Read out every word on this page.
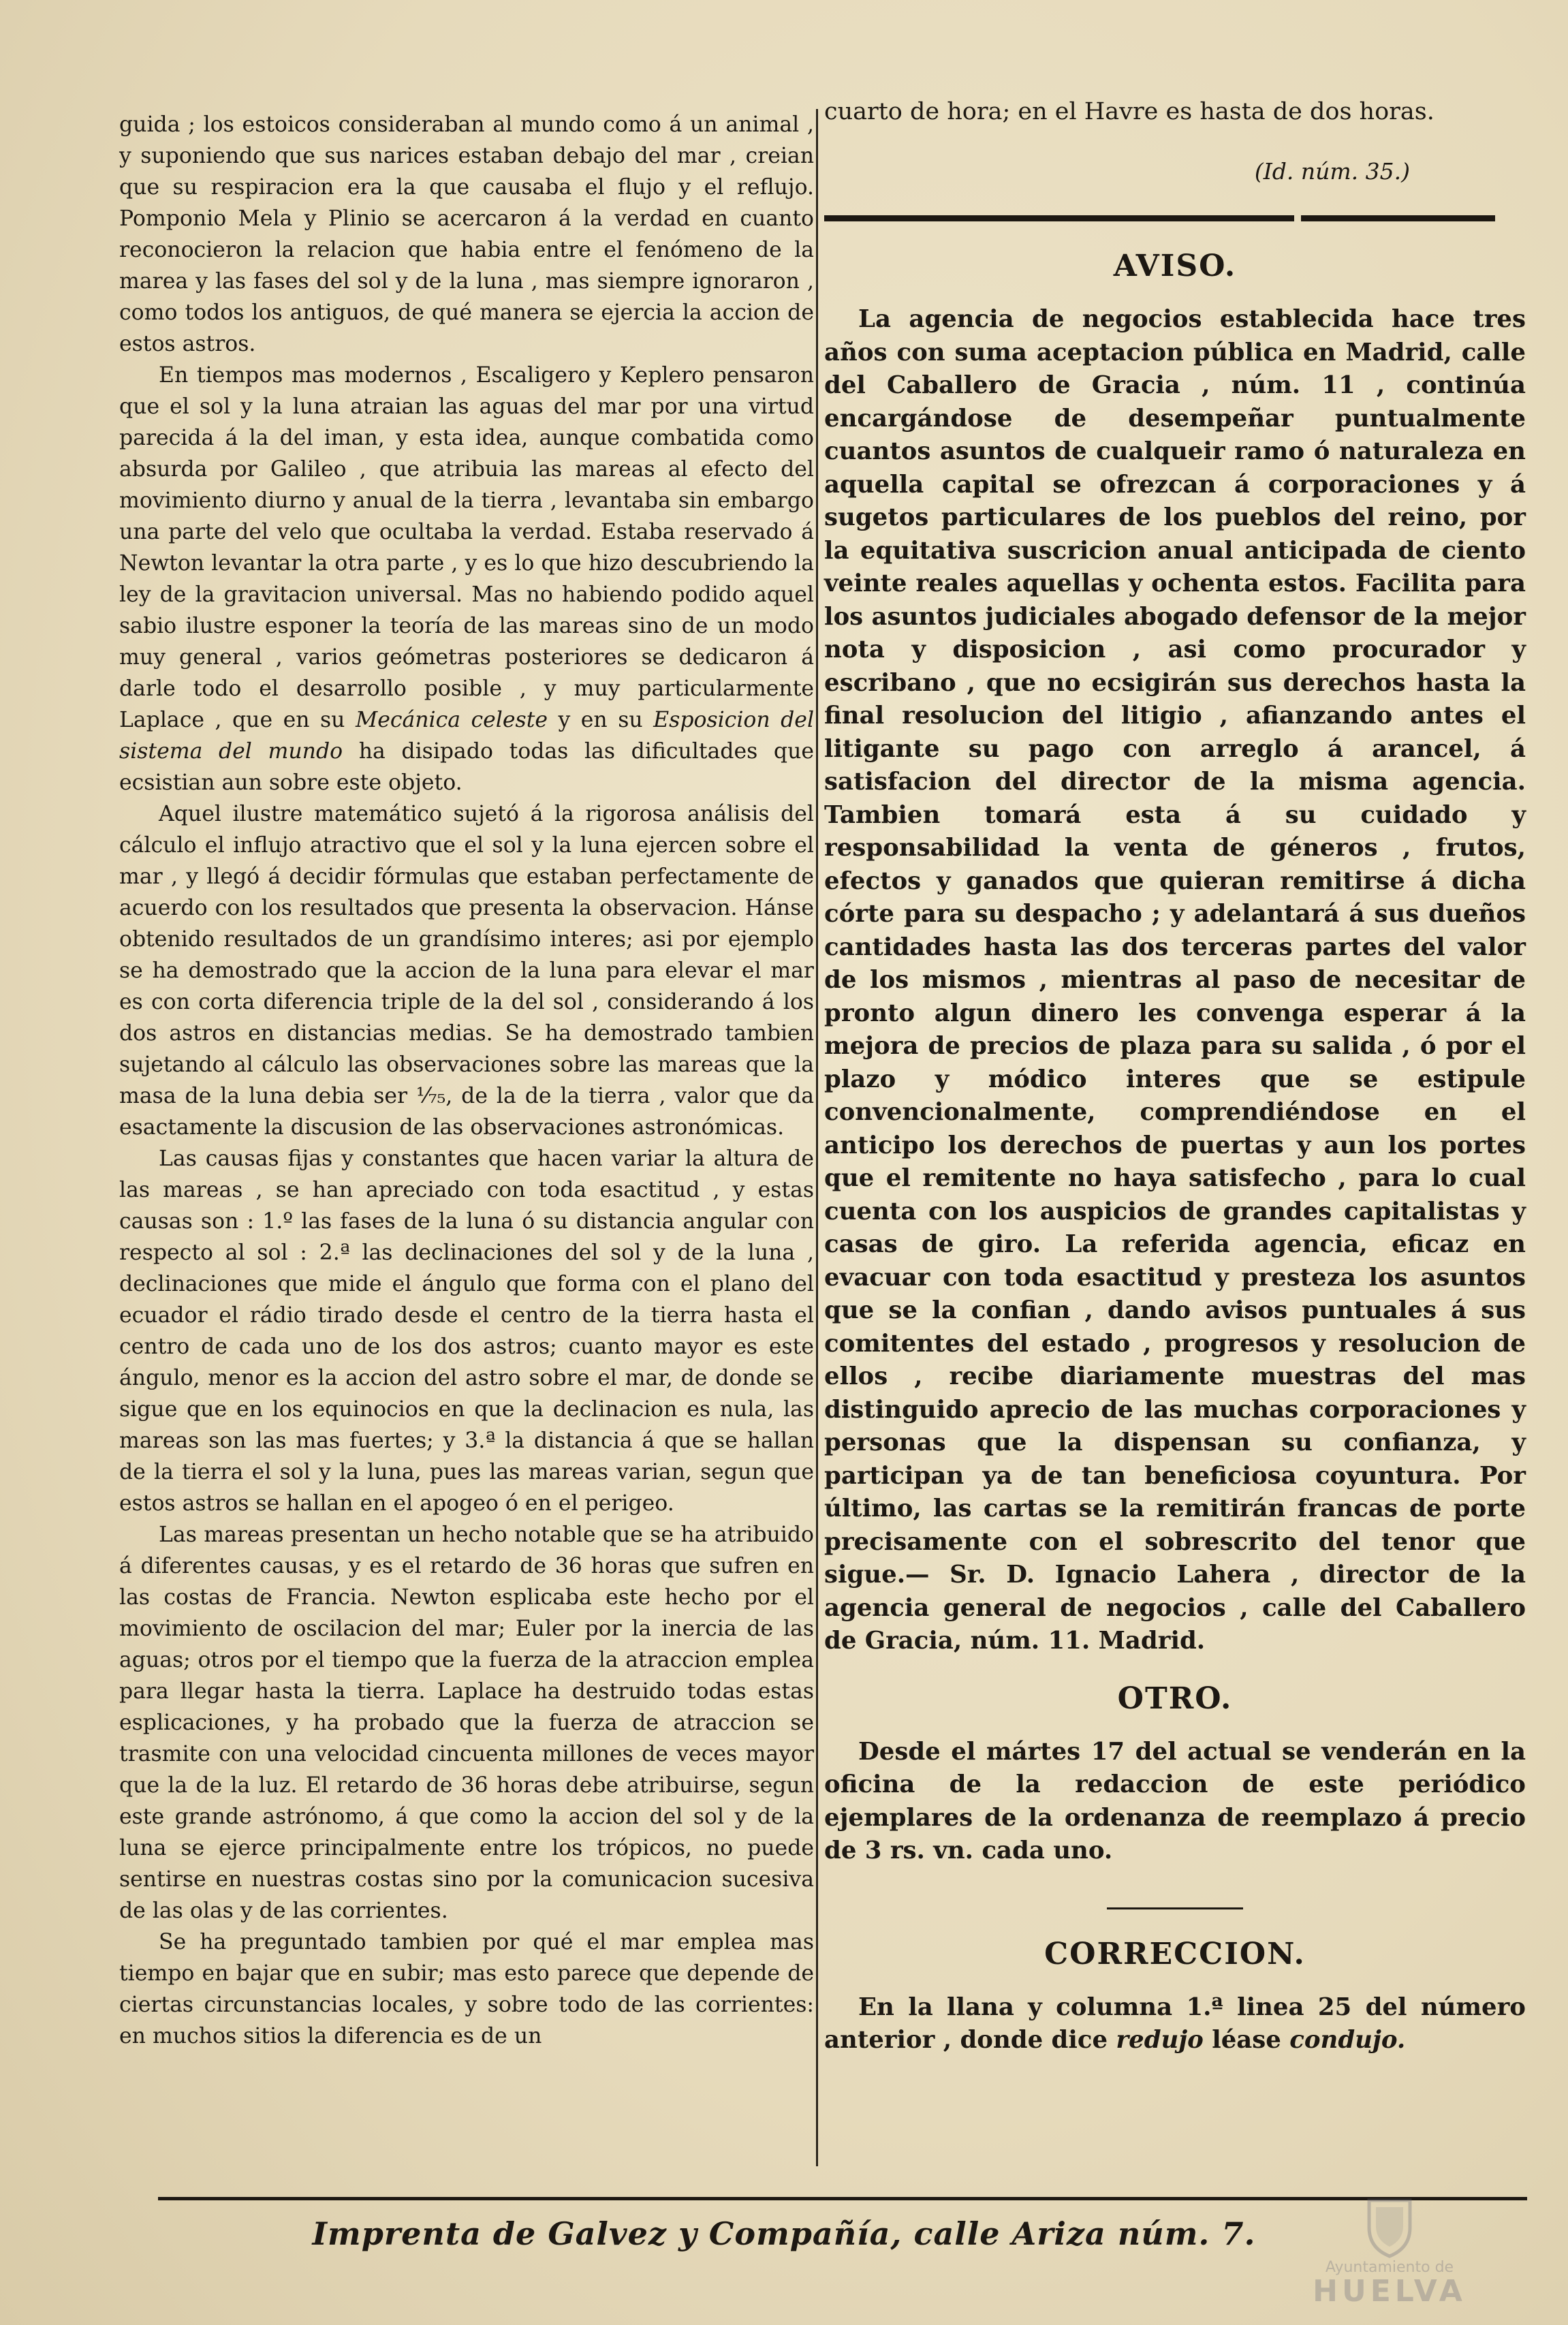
guida ; los estoicos consideraban al mundo como á un animal , y suponiendo que sus narices estaban debajo del mar , creian que su respiracion era la que causaba el flujo y el reflujo. Pomponio Mela y Plinio se acercaron á la verdad en cuanto reconocieron la relacion que habia entre el fenómeno de la marea y las fases del sol y de la luna , mas siempre ignoraron , como todos los antiguos, de qué manera se ejercia la accion de estos astros.

En tiempos mas modernos , Escaligero y Keplero pensaron que el sol y la luna atraian las aguas del mar por una virtud parecida á la del iman, y esta idea, aunque combatida como absurda por Galileo , que atribuia las mareas al efecto del movimiento diurno y anual de la tierra , levantaba sin embargo una parte del velo que ocultaba la verdad. Estaba reservado á Newton levantar la otra parte , y es lo que hizo descubriendo la ley de la gravitacion universal. Mas no habiendo podido aquel sabio ilustre esponer la teoría de las mareas sino de un modo muy general , varios geómetras posteriores se dedicaron á darle todo el desarrollo posible , y muy particularmente Laplace , que en su Mecánica celeste y en su Esposicion del sistema del mundo ha disipado todas las dificultades que ecsistian aun sobre este objeto.

Aquel ilustre matemático sujetó á la rigorosa análisis del cálculo el influjo atractivo que el sol y la luna ejercen sobre el mar , y llegó á decidir fórmulas que estaban perfectamente de acuerdo con los resultados que presenta la observacion. Hánse obtenido resultados de un grandísimo interes; asi por ejemplo se ha demostrado que la accion de la luna para elevar el mar es con corta diferencia triple de la del sol , considerando á los dos astros en distancias medias. Se ha demostrado tambien sujetando al cálculo las observaciones sobre las mareas que la masa de la luna debia ser ¹⁄₇₅, de la de la tierra , valor que da esactamente la discusion de las observaciones astronómicas.

Las causas fijas y constantes que hacen variar la altura de las mareas , se han apreciado con toda esactitud , y estas causas son : 1.º las fases de la luna ó su distancia angular con respecto al sol : 2.ª las declinaciones del sol y de la luna , declinaciones que mide el ángulo que forma con el plano del ecuador el rádio tirado desde el centro de la tierra hasta el centro de cada uno de los dos astros; cuanto mayor es este ángulo, menor es la accion del astro sobre el mar, de donde se sigue que en los equinocios en que la declinacion es nula, las mareas son las mas fuertes; y 3.ª la distancia á que se hallan de la tierra el sol y la luna, pues las mareas varian, segun que estos astros se hallan en el apogeo ó en el perigeo.

Las mareas presentan un hecho notable que se ha atribuido á diferentes causas, y es el retardo de 36 horas que sufren en las costas de Francia. Newton esplicaba este hecho por el movimiento de oscilacion del mar; Euler por la inercia de las aguas; otros por el tiempo que la fuerza de la atraccion emplea para llegar hasta la tierra. Laplace ha destruido todas estas esplicaciones, y ha probado que la fuerza de atraccion se trasmite con una velocidad cincuenta millones de veces mayor que la de la luz. El retardo de 36 horas debe atribuirse, segun este grande astrónomo, á que como la accion del sol y de la luna se ejerce principalmente entre los trópicos, no puede sentirse en nuestras costas sino por la comunicacion sucesiva de las olas y de las corrientes.

Se ha preguntado tambien por qué el mar emplea mas tiempo en bajar que en subir; mas esto parece que depende de ciertas circunstancias locales, y sobre todo de las corrientes: en muchos sitios la diferencia es de un

cuarto de hora; en el Havre es hasta de dos horas.

(Id. núm. 35.)
AVISO.

La agencia de negocios establecida hace tres años con suma aceptacion pública en Madrid, calle del Caballero de Gracia , núm. 11 , continúa encargándose de desempeñar puntualmente cuantos asuntos de cualqueir ramo ó naturaleza en aquella capital se ofrezcan á corporaciones y á sugetos particulares de los pueblos del reino, por la equitativa suscricion anual anticipada de ciento veinte reales aquellas y ochenta estos. Facilita para los asuntos judiciales abogado defensor de la mejor nota y disposicion , asi como procurador y escribano , que no ecsigirán sus derechos hasta la final resolucion del litigio , afianzando antes el litigante su pago con arreglo á arancel, á satisfacion del director de la misma agencia. Tambien tomará esta á su cuidado y responsabilidad la venta de géneros , frutos, efectos y ganados que quieran remitirse á dicha córte para su despacho ; y adelantará á sus dueños cantidades hasta las dos terceras partes del valor de los mismos , mientras al paso de necesitar de pronto algun dinero les convenga esperar á la mejora de precios de plaza para su salida , ó por el plazo y módico interes que se estipule convencionalmente, comprendiéndose en el anticipo los derechos de puertas y aun los portes que el remitente no haya satisfecho , para lo cual cuenta con los auspicios de grandes capitalistas y casas de giro. La referida agencia, eficaz en evacuar con toda esactitud y presteza los asuntos que se la confian , dando avisos puntuales á sus comitentes del estado , progresos y resolucion de ellos , recibe diariamente muestras del mas distinguido aprecio de las muchas corporaciones y personas que la dispensan su confianza, y participan ya de tan beneficiosa coyuntura. Por último, las cartas se la remitirán francas de porte precisamente con el sobrescrito del tenor que sigue.— Sr. D. Ignacio Lahera , director de la agencia general de negocios , calle del Caballero de Gracia, núm. 11. Madrid.

OTRO.

Desde el mártes 17 del actual se venderán en la oficina de la redaccion de este periódico ejemplares de la ordenanza de reemplazo á precio de 3 rs. vn. cada uno.

CORRECCION.

En la llana y columna 1.ª linea 25 del número anterior , donde dice redujo léase condujo.

Imprenta de Galvez y Compañía, calle Ariza núm. 7.
Ayuntamiento de
HUELVA
